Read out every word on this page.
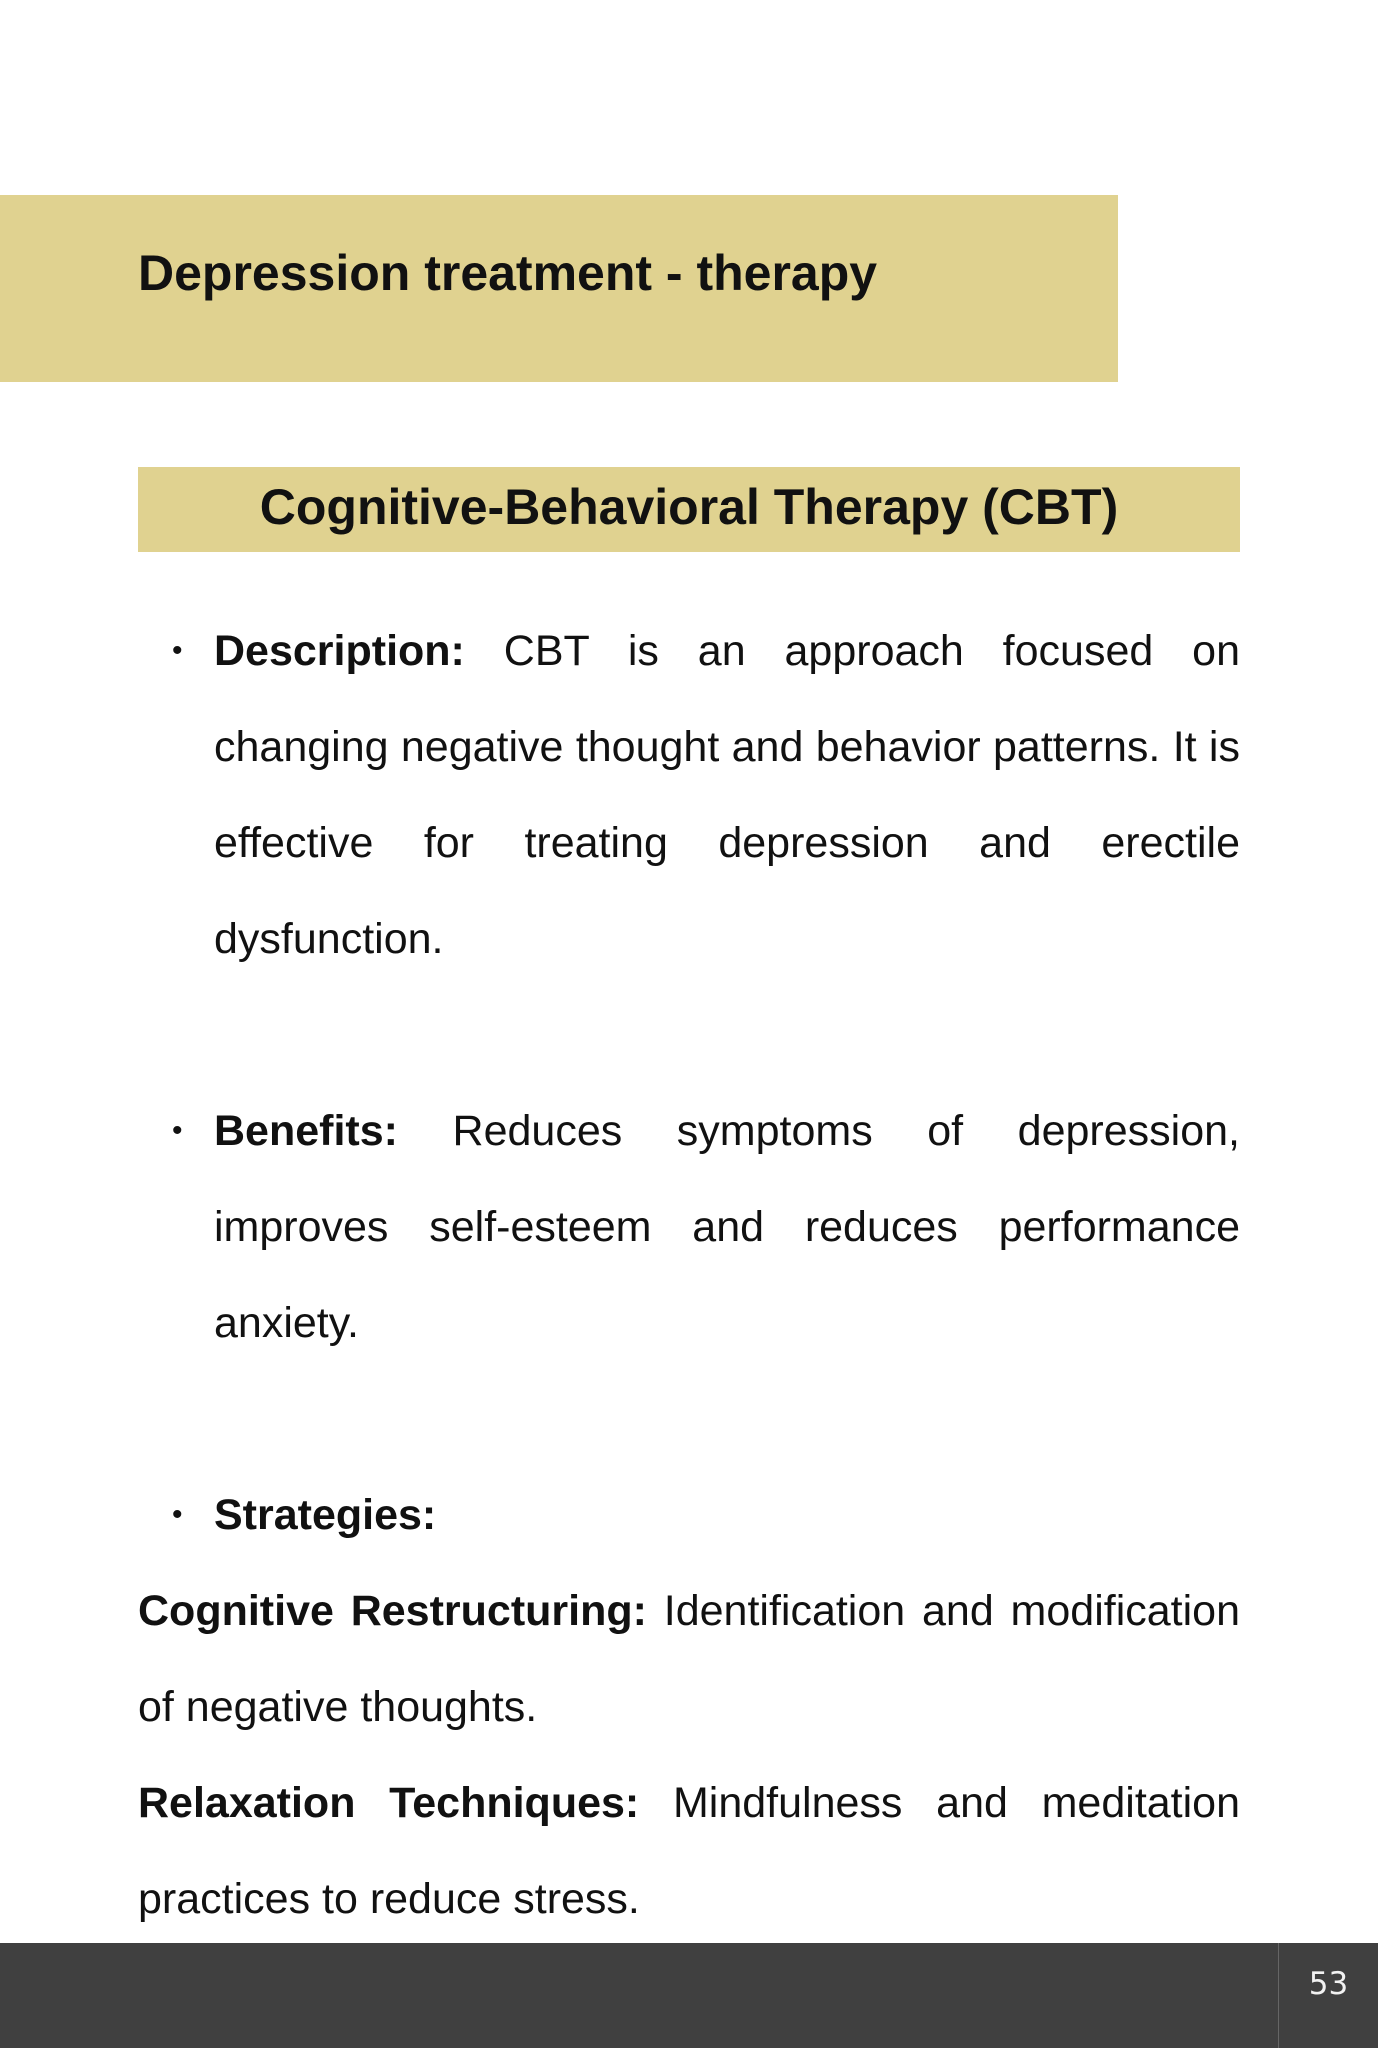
Depression treatment - therapy
Cognitive-Behavioral Therapy (CBT)
• Description: CBT is an approach focused on changing negative thought and behavior patterns. It is effective for treating depression and erectile dysfunction.
• Benefits: Reduces symptoms of depression, improves self-esteem and reduces performance anxiety.
• Strategies:

Cognitive Restructuring: Identification and modification of negative thoughts.

Relaxation Techniques: Mindfulness and meditation practices to reduce stress.

53
